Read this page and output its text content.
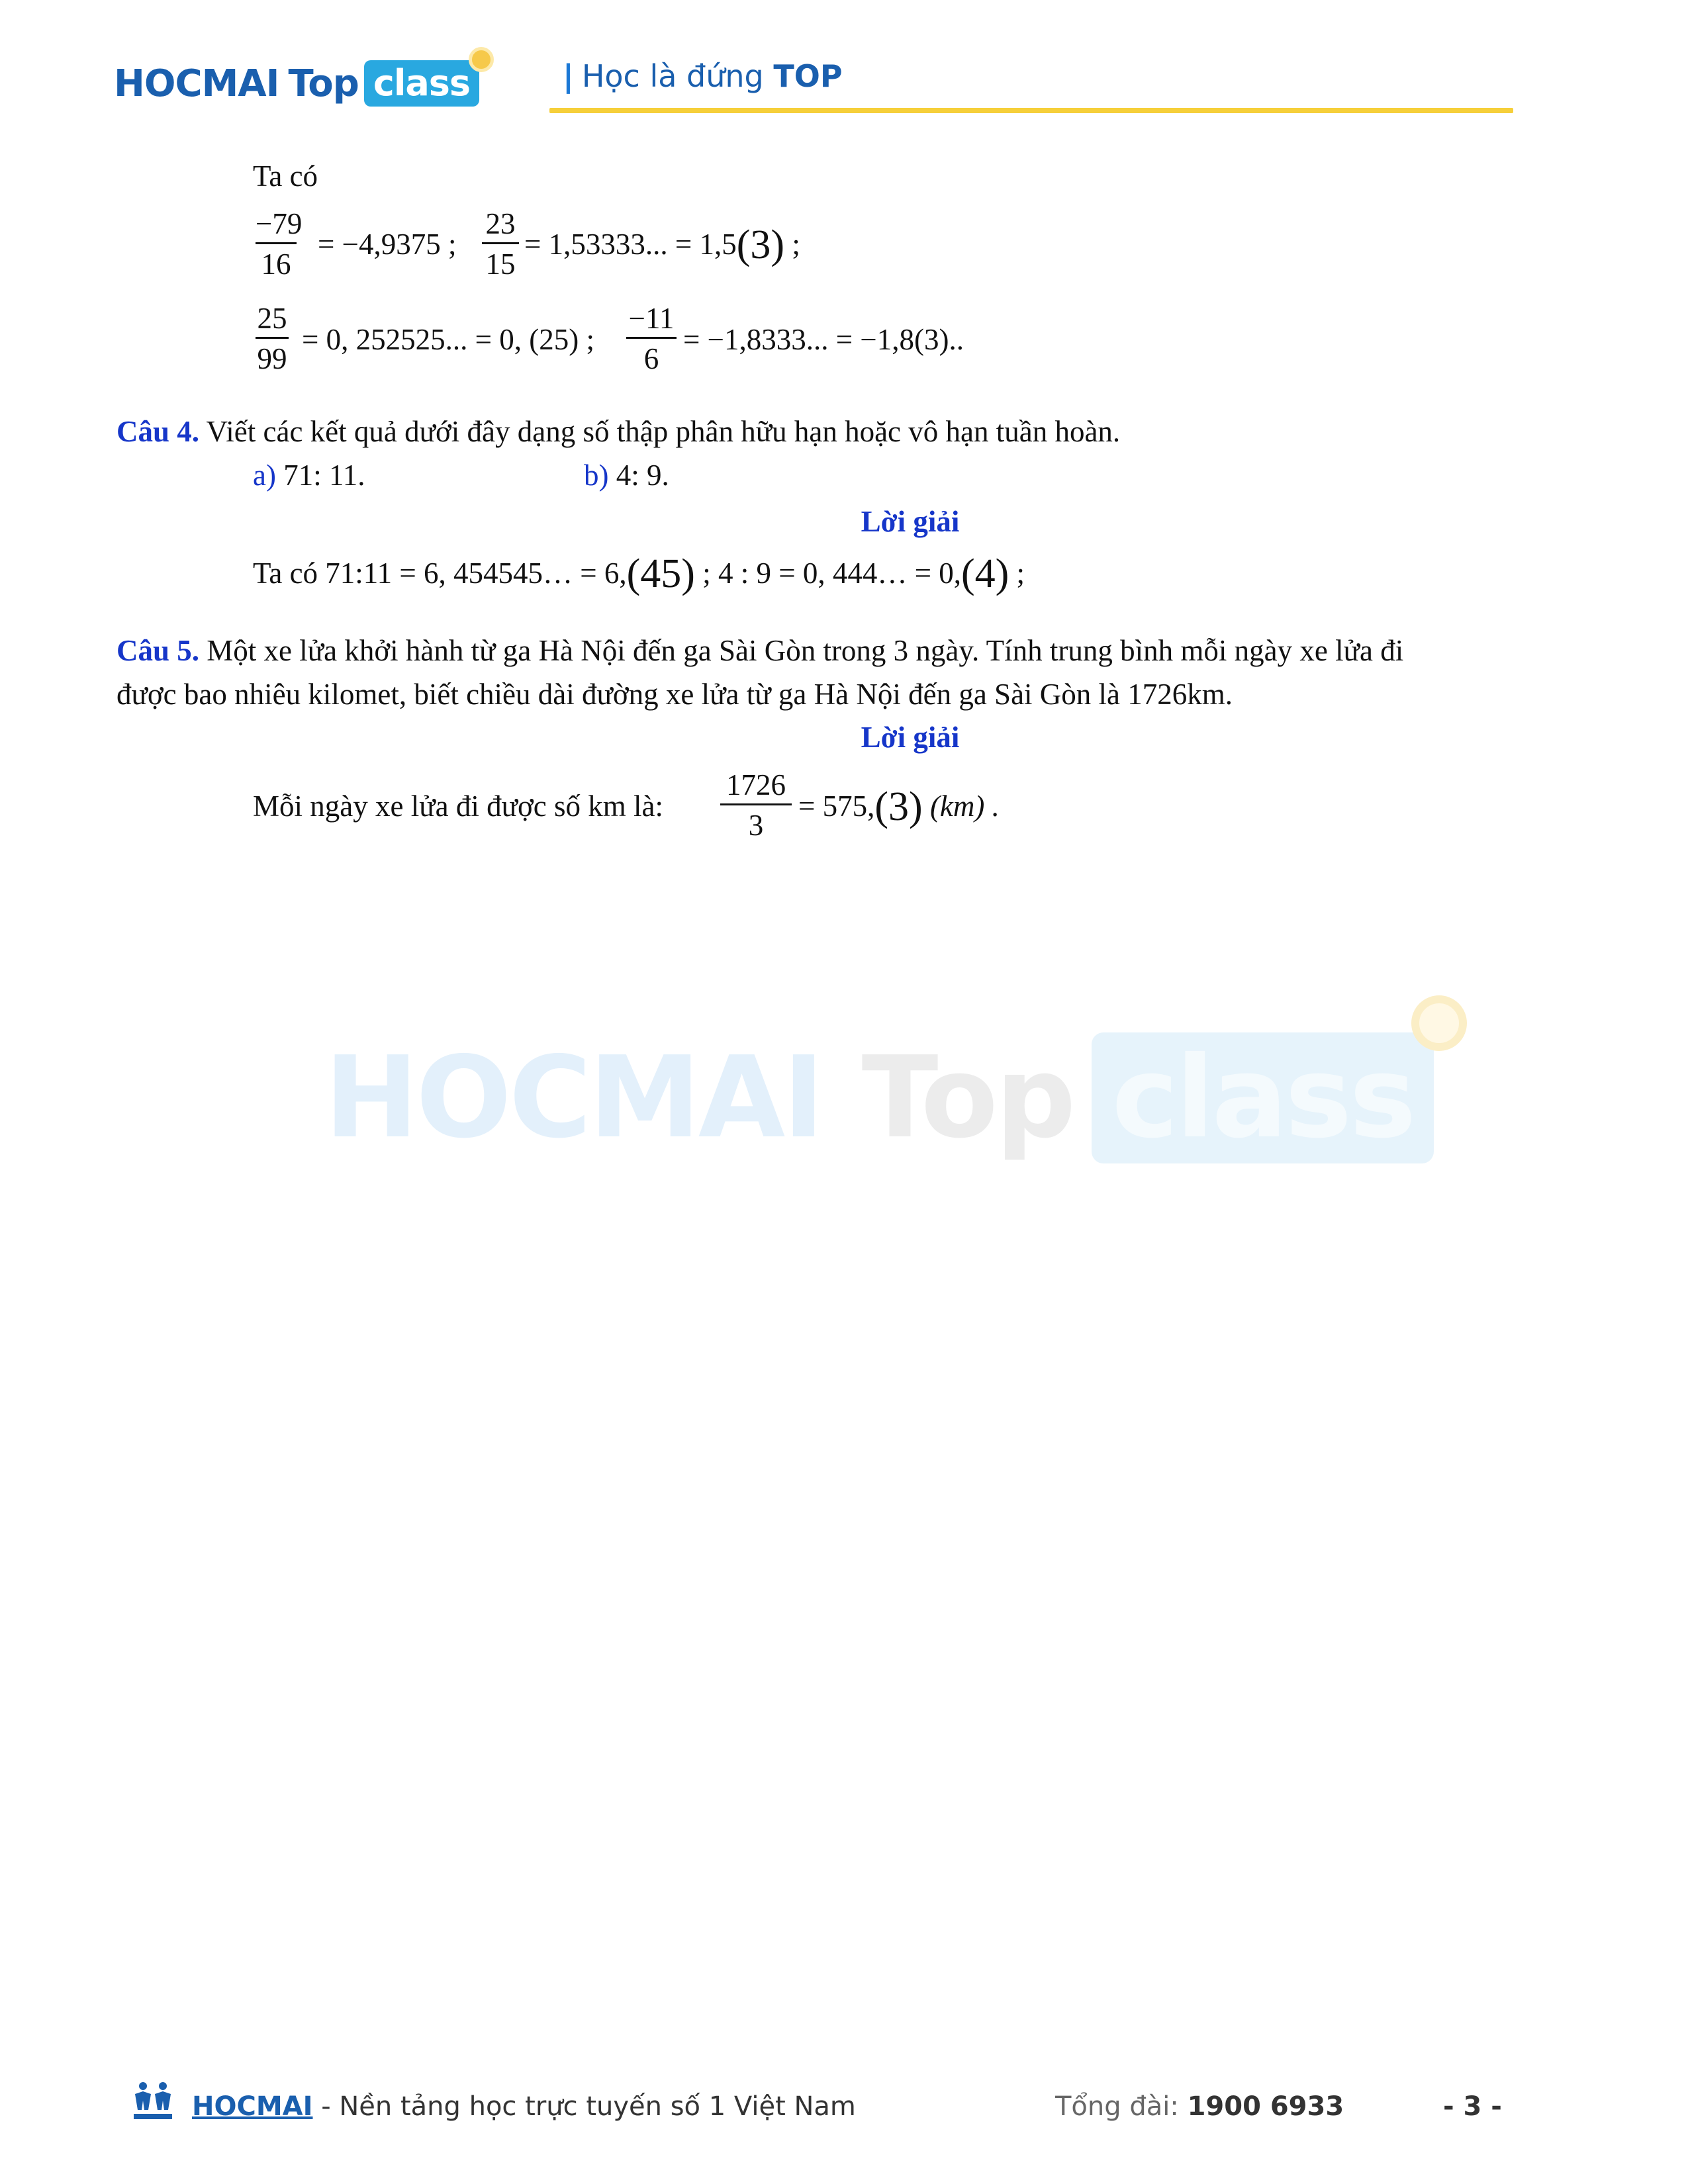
HOCMAI Top class	| Học là đứng TOP
Ta có
−79
16
= −4,9375 ;
23
15
= 1,53333... = 1,5(3) ;
25
99
= 0, 252525... = 0, (25) ;
−11
6
= −1,8333... = −1,8(3)..
Câu 4. Viết các kết quả dưới đây dạng số thập phân hữu hạn hoặc vô hạn tuần hoàn.
a) 71: 11.	b) 4: 9.
Lời giải
Ta có 71:11 = 6, 454545… = 6,(45) ; 4 : 9 = 0, 444… = 0,(4) ;
Câu 5. Một xe lửa khởi hành từ ga Hà Nội đến ga Sài Gòn trong 3 ngày. Tính trung bình mỗi ngày xe lửa đi
được bao nhiêu kilomet, biết chiều dài đường xe lửa từ ga Hà Nội đến ga Sài Gòn là 1726km.
Lời giải
Mỗi ngày xe lửa đi được số km là:
1726
3
= 575,(3) (km) .
HOCMAI Top class
HOCMAI - Nền tảng học trực tuyến số 1 Việt Nam	Tổng đài: 1900 6933	- 3 -
